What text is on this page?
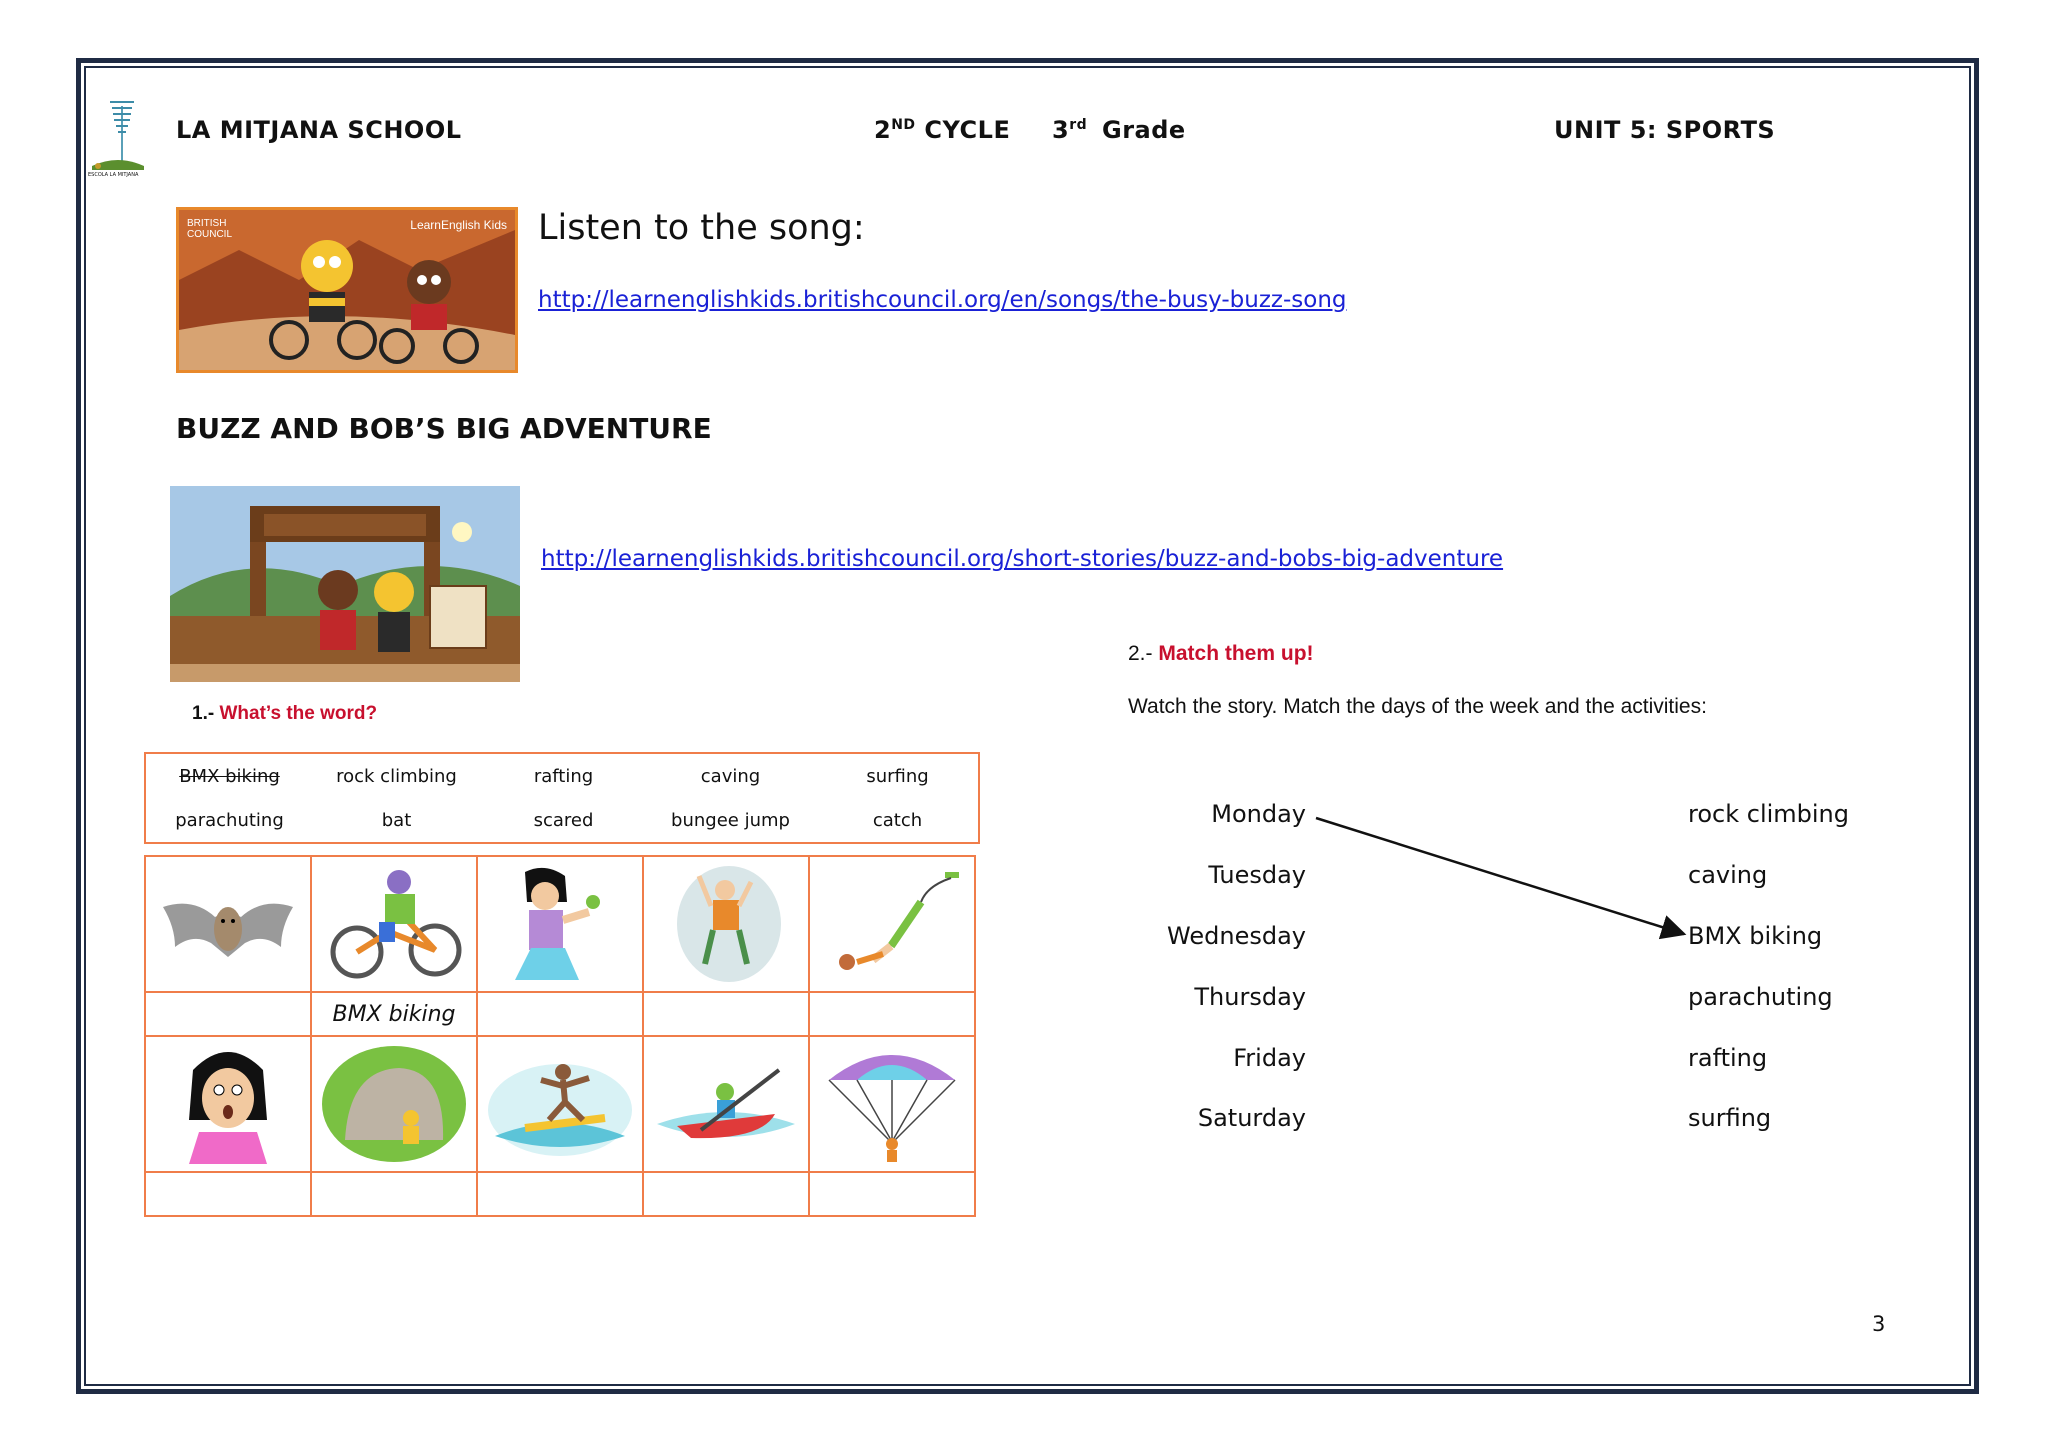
ESCOLA LA MITJANA
LA MITJANA SCHOOL	2ND CYCLE 3rd Grade	UNIT 5: SPORTS
BRITISH COUNCIL
LearnEnglish Kids Listen to the song:
http://learnenglishkids.britishcouncil.org/en/songs/the-busy-buzz-song
BUZZ AND BOB’S BIG ADVENTURE
http://learnenglishkids.britishcouncil.org/short-stories/buzz-and-bobs-big-adventure
1.- What’s the word?
BMX biking	rock climbing	rafting	caving	surfing
parachuting	bat	scared	bungee jump	catch

	BMX biking			

2.- Match them up!
Watch the story. Match the days of the week and the activities:
Monday
Tuesday
Wednesday
Thursday
Friday
Saturday
rock climbing
caving
BMX biking
parachuting
rafting
surfing
3
